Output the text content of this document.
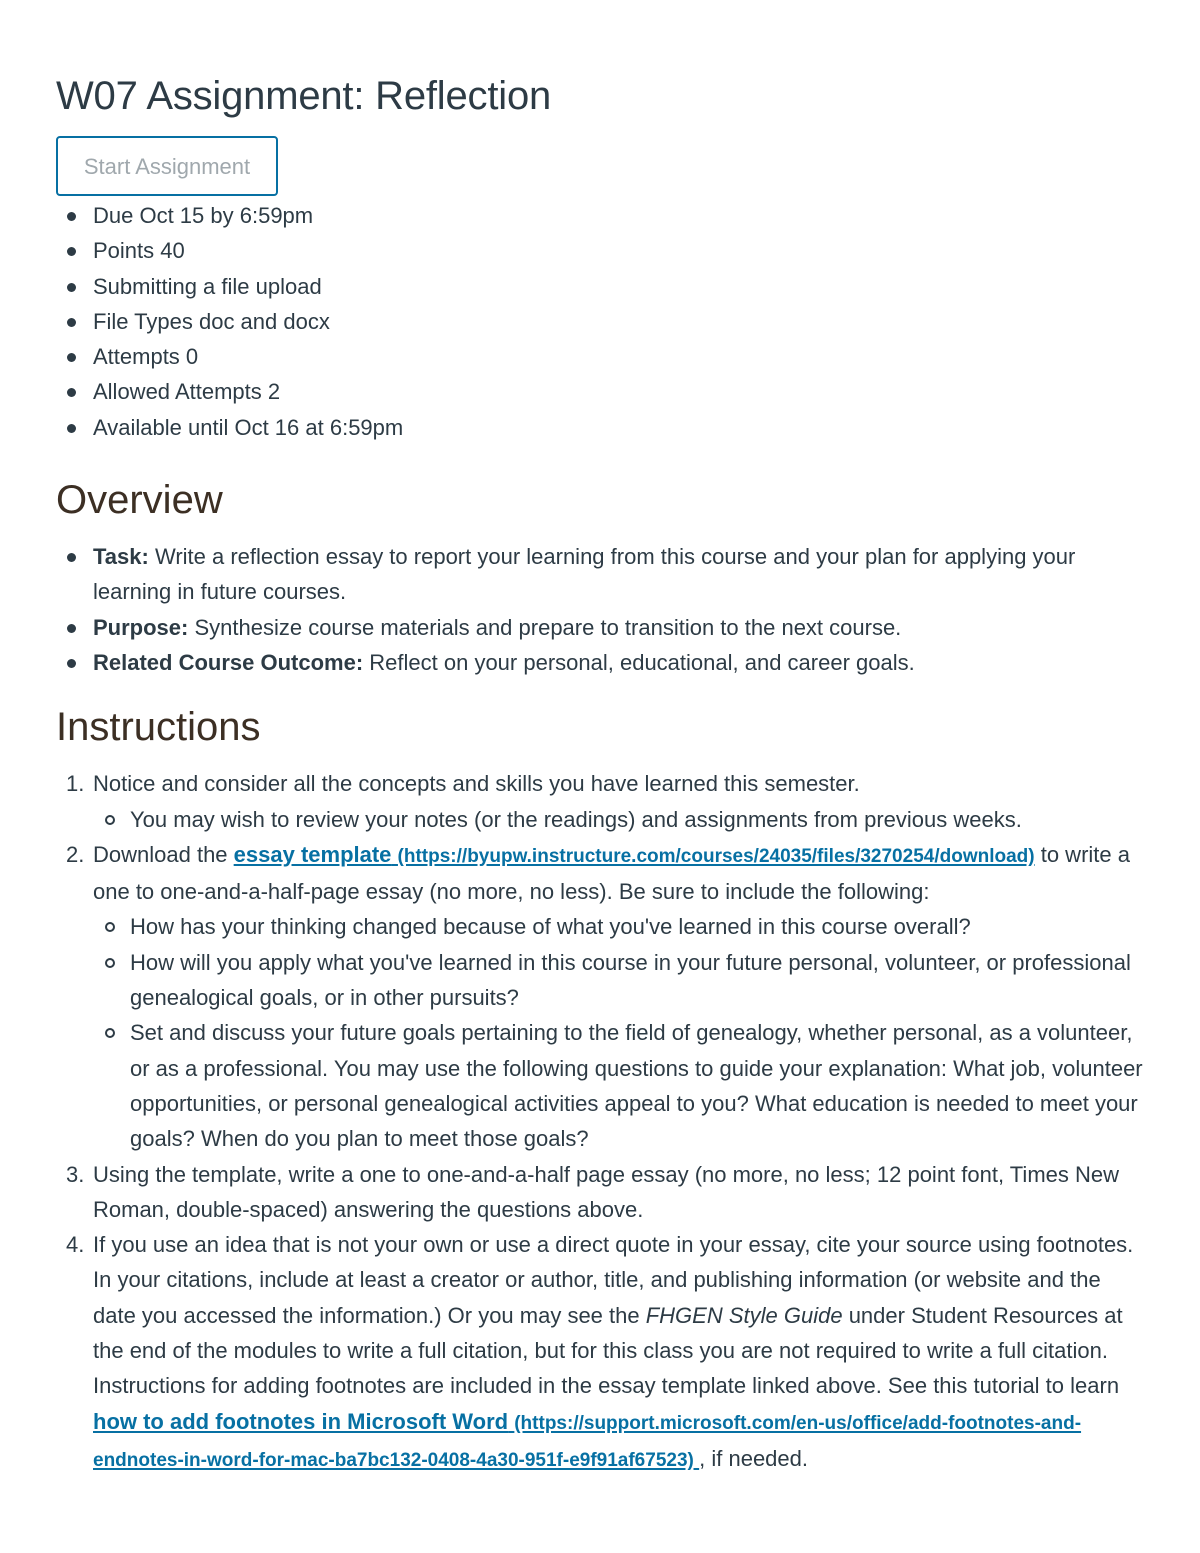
W07 Assignment: Reflection
Start Assignment
Due Oct 15 by 6:59pm
Points 40
Submitting a file upload
File Types doc and docx
Attempts 0
Allowed Attempts 2
Available until Oct 16 at 6:59pm
Overview
Task: Write a reflection essay to report your learning from this course and your plan for applying your learning in future courses.
Purpose: Synthesize course materials and prepare to transition to the next course.
Related Course Outcome: Reflect on your personal, educational, and career goals.
Instructions
1. Notice and consider all the concepts and skills you have learned this semester.
You may wish to review your notes (or the readings) and assignments from previous weeks.
2. Download the essay template (https://byupw.instructure.com/courses/24035/files/3270254/download) to write a one to one-and-a-half-page essay (no more, no less). Be sure to include the following:
How has your thinking changed because of what you've learned in this course overall?
How will you apply what you've learned in this course in your future personal, volunteer, or professional genealogical goals, or in other pursuits?
Set and discuss your future goals pertaining to the field of genealogy, whether personal, as a volunteer, or as a professional. You may use the following questions to guide your explanation: What job, volunteer opportunities, or personal genealogical activities appeal to you? What education is needed to meet your goals? When do you plan to meet those goals?
3. Using the template, write a one to one-and-a-half page essay (no more, no less; 12 point font, Times New Roman, double-spaced) answering the questions above.
4. If you use an idea that is not your own or use a direct quote in your essay, cite your source using footnotes. In your citations, include at least a creator or author, title, and publishing information (or website and the date you accessed the information.) Or you may see the FHGEN Style Guide under Student Resources at the end of the modules to write a full citation, but for this class you are not required to write a full citation. Instructions for adding footnotes are included in the essay template linked above. See this tutorial to learn how to add footnotes in Microsoft Word (https://support.microsoft.com/en-us/office/add-footnotes-and-endnotes-in-word-for-mac-ba7bc132-0408-4a30-951f-e9f91af67523) , if needed.
